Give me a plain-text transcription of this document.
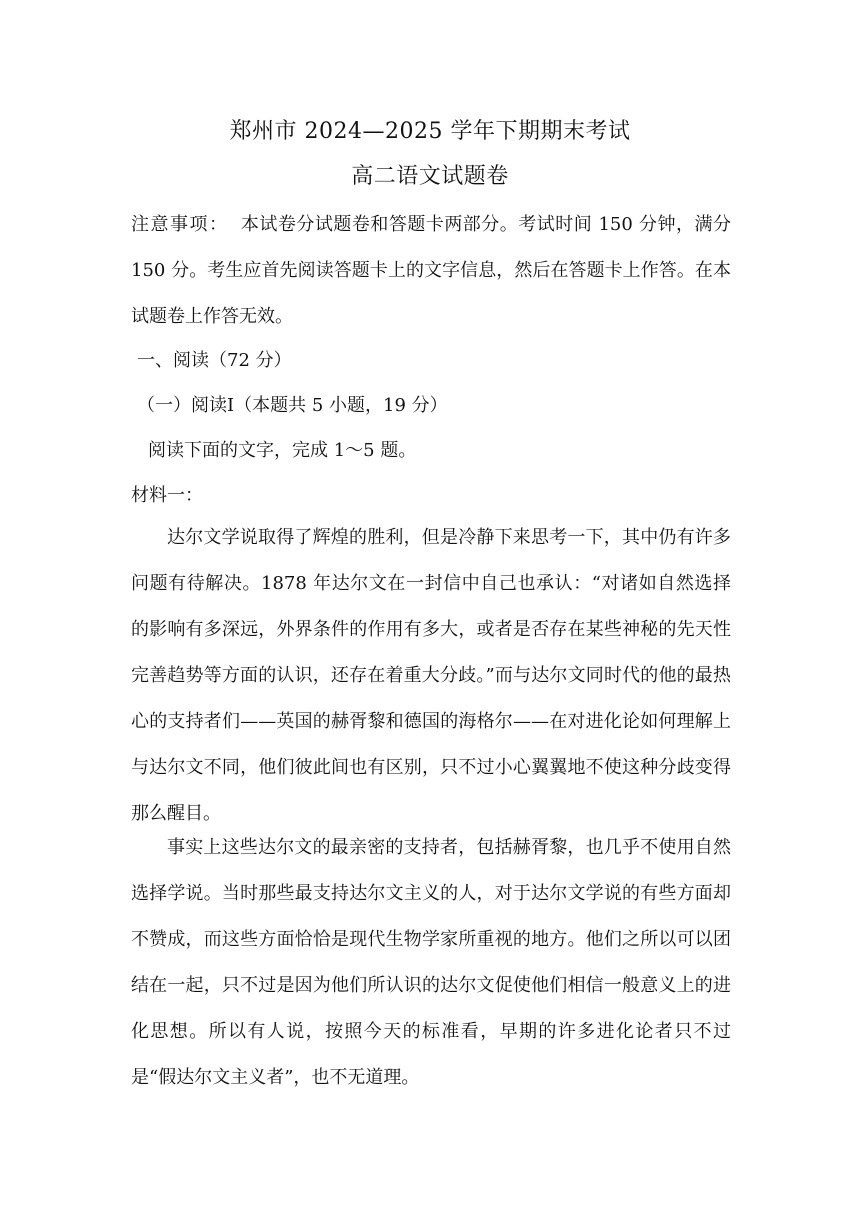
郑州市 2024—2025 学年下期期末考试
高二语文试题卷
注意事项： 本试卷分试题卷和答题卡两部分。考试时间 150 分钟，满分 150 分。考生应首先阅读答题卡上的文字信息，然后在答题卡上作答。在本试题卷上作答无效。
一、阅读（72 分）
（一）阅读Ⅰ（本题共 5 小题，19 分）
阅读下面的文字，完成 1～5 题。
材料一：
达尔文学说取得了辉煌的胜利，但是冷静下来思考一下，其中仍有许多问题有待解决。1878 年达尔文在一封信中自己也承认：“对诸如自然选择的影响有多深远，外界条件的作用有多大，或者是否存在某些神秘的先天性完善趋势等方面的认识，还存在着重大分歧。”而与达尔文同时代的他的最热心的支持者们——英国的赫胥黎和德国的海格尔——在对进化论如何理解上与达尔文不同，他们彼此间也有区别，只不过小心翼翼地不使这种分歧变得那么醒目。
事实上这些达尔文的最亲密的支持者，包括赫胥黎，也几乎不使用自然选择学说。当时那些最支持达尔文主义的人，对于达尔文学说的有些方面却不赞成，而这些方面恰恰是现代生物学家所重视的地方。他们之所以可以团结在一起，只不过是因为他们所认识的达尔文促使他们相信一般意义上的进化思想。所以有人说，按照今天的标准看，早期的许多进化论者只不过是“假达尔文主义者”，也不无道理。
